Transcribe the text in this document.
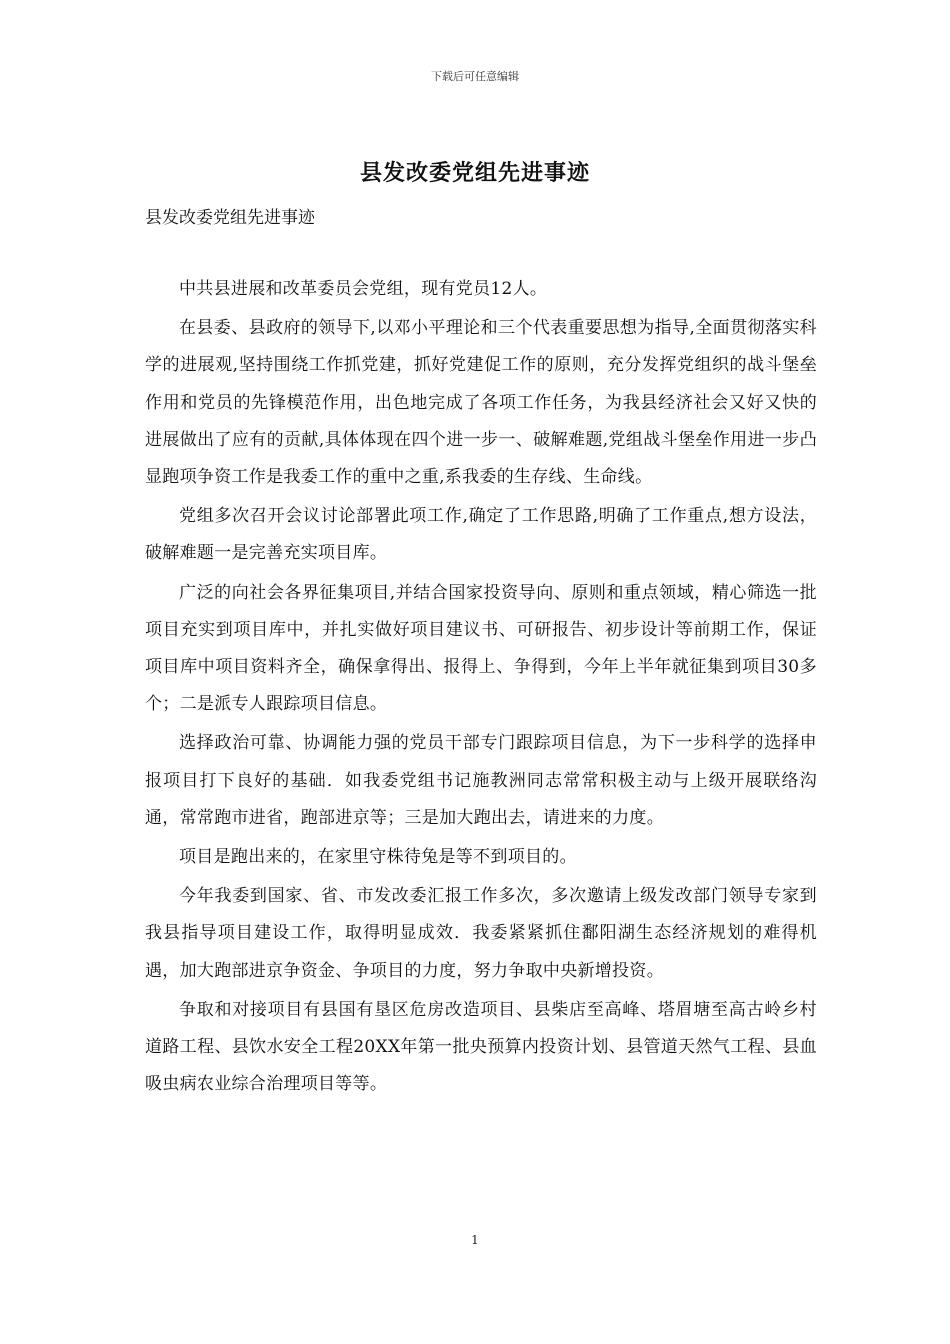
下载后可任意编辑
县发改委党组先进事迹
县发改委党组先进事迹

中共县进展和改革委员会党组，现有党员12人。

在县委、县政府的领导下,以邓小平理论和三个代表重要思想为指导,全面贯彻落实科学的进展观,坚持围绕工作抓党建，抓好党建促工作的原则，充分发挥党组织的战斗堡垒作用和党员的先锋模范作用，出色地完成了各项工作任务，为我县经济社会又好又快的进展做出了应有的贡献,具体体现在四个进一步一、破解难题,党组战斗堡垒作用进一步凸显跑项争资工作是我委工作的重中之重,系我委的生存线、生命线。

党组多次召开会议讨论部署此项工作,确定了工作思路,明确了工作重点,想方设法，破解难题一是完善充实项目库。

广泛的向社会各界征集项目,并结合国家投资导向、原则和重点领域，精心筛选一批项目充实到项目库中，并扎实做好项目建议书、可研报告、初步设计等前期工作，保证项目库中项目资料齐全，确保拿得出、报得上、争得到，今年上半年就征集到项目30多个；二是派专人跟踪项目信息。

选择政治可靠、协调能力强的党员干部专门跟踪项目信息，为下一步科学的选择申报项目打下良好的基础．如我委党组书记施教洲同志常常积极主动与上级开展联络沟通，常常跑市进省，跑部进京等；三是加大跑出去，请进来的力度。

项目是跑出来的，在家里守株待兔是等不到项目的。

今年我委到国家、省、市发改委汇报工作多次，多次邀请上级发改部门领导专家到我县指导项目建设工作，取得明显成效．我委紧紧抓住鄱阳湖生态经济规划的难得机遇，加大跑部进京争资金、争项目的力度，努力争取中央新增投资。

争取和对接项目有县国有垦区危房改造项目、县柴店至高峰、塔眉塘至高古岭乡村道路工程、县饮水安全工程20XX年第一批央预算内投资计划、县管道天然气工程、县血吸虫病农业综合治理项目等等。

1
